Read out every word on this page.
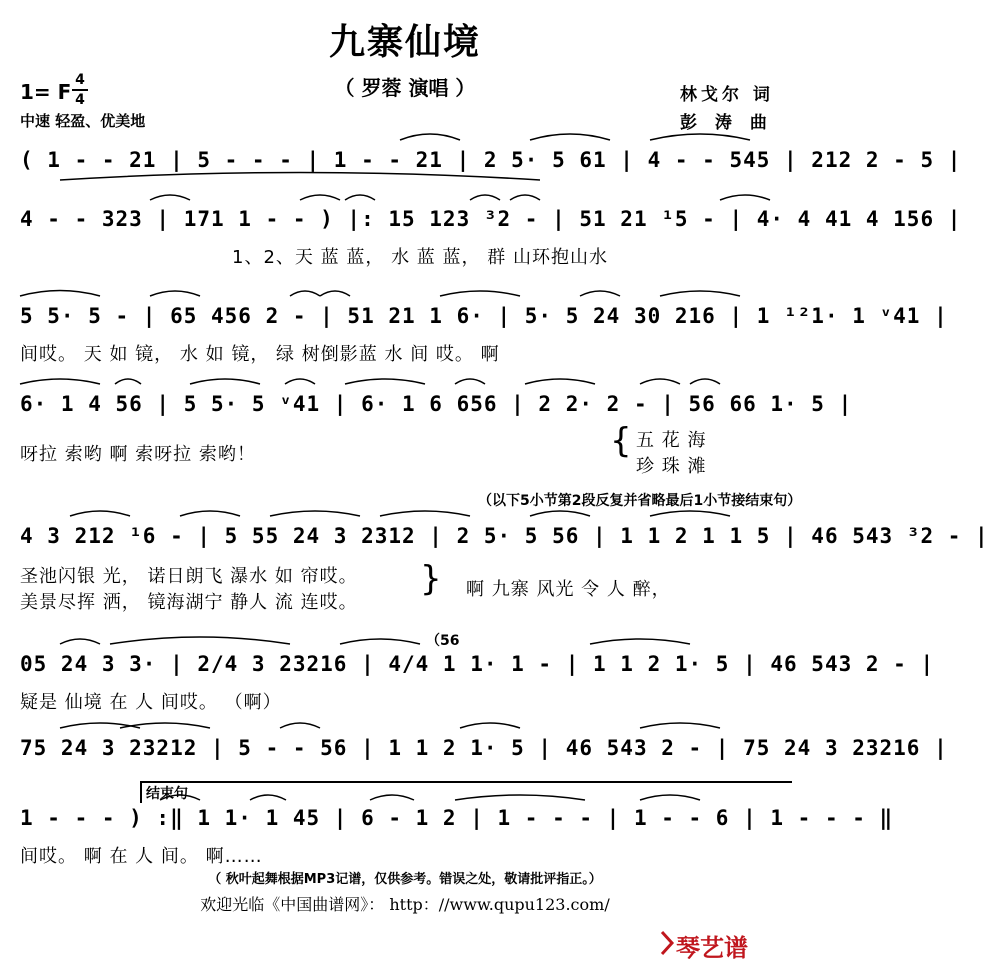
九寨仙境
（ 罗蓉 演唱 ）
1= F 4
4
中速 轻盈、优美地
林戈尔 词
彭 涛 曲
( 1 - - 21 | 5 - - - | 1 - - 21 | 2 5· 5 61 | 4 - - 545 | 212 2 - 5 |
4 - - 323 | 171 1 - - ) |: 15 123 ³2 - | 51 21 ¹5 - | 4· 4 41 4 156 |
1、2、天 蓝 蓝， 水 蓝 蓝， 群 山环抱山水
5 5· 5 - | 65 456 2 - | 51 21 1 6· | 5· 5 24 30 216 | 1 ¹²1· 1 ᵛ41 |
间哎。 天 如 镜， 水 如 镜， 绿 树倒影蓝 水 间 哎。 啊
6· 1 4 56 | 5 5· 5 ᵛ41 | 6· 1 6 656 | 2 2· 2 - | 56 66 1· 5 |
呀拉 索哟 啊 索呀拉 索哟！	{ 五 花 海
珍 珠 滩
（以下5小节第2段反复并省略最后1小节接结束句）
4 3 212 ¹6 - | 5 55 24 3 2312 | 2 5· 5 56 | 1 1 2 1 1 5 | 46 543 ³2 - |
圣池闪银 光， 诺日朗飞 瀑水 如 帘哎。
美景尽挥 洒， 镜海湖宁 静人 流 连哎。
} 啊 九寨 风光 令 人 醉，
（56
05 24 3 3· | 2/4 3 23216 | 4/4 1 1· 1 - | 1 1 2 1· 5 | 46 543 2 - |
疑是 仙境 在 人 间哎。 （啊）
75 24 3 23212 | 5 - - 56 | 1 1 2 1· 5 | 46 543 2 - | 75 24 3 23216 |
结束句
1 - - - ) :‖ 1 1· 1 45 | 6 - 1 2 | 1 - - - | 1 - - 6 | 1 - - - ‖
间哎。 啊 在 人 间。 啊……
（ 秋叶起舞根据MP3记谱，仅供参考。错误之处，敬请批评指正。）
欢迎光临《中国曲谱网》： http：//www.qupu123.com/
琴艺谱
